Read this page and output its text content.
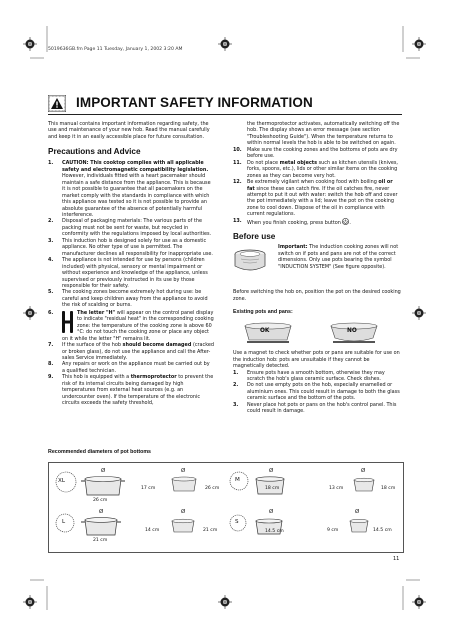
5019636GB.fm Page 11 Tuesday, January 1, 2002 3:20 AM
IMPORTANT SAFETY INFORMATION
This manual contains important information regarding safety, the use and maintenance of your new hob. Read the manual carefully and keep it in an easily accessible place for future consultation.
Precautions and Advice
1. CAUTION: This cooktop complies with all applicable safety and electromagnetic compatibility legislation.
However, individuals fitted with a heart pacemaker should maintain a safe distance from the appliance. This is because it is not possible to guarantee that all pacemakers on the market comply with the standards in compliance with which this appliance was tested so it is not possible to provide an absolute guarantee of the absence of potentially harmful interference.
2. Disposal of packaging materials: The various parts of the packing must not be sent for waste, but recycled in conformity with the regulations imposed by local authorities.
3. This induction hob is designed solely for use as a domestic appliance. No other type of use is permitted. The manufacturer declines all responsibility for inappropriate use.
4. The appliance is not intended for use by persons (children included) with physical, sensory or mental impairment or without experience and knowledge of the appliance, unless supervised or previously instructed in its use by those responsible for their safety.
5. The cooking zones become extremely hot during use: be careful and keep children away from the appliance to avoid the risk of scalding or burns.
6.	The letter "H" will appear on the control panel display to indicate "residual heat" in the corresponding cooking zone: the temperature of the cooking zone is above 60 °C: do not touch the cooking zone or place any object on it while the letter "H" remains lit.
7. If the surface of the hob should become damaged (cracked or broken glass), do not use the appliance and call the After-sales Service immediately.
8. Any repairs or work on the appliance must be carried out by a qualified technician.
9. This hob is equipped with a thermoprotector to prevent the risk of its internal circuits being damaged by high temperatures from external heat sources (e.g. an undercounter oven). If the temperature of the electronic circuits exceeds the safety threshold,
the thermoprotector activates, automatically switching off the hob. The display shows an error message (see section "Troubleshooting Guide"). When the temperature returns to within normal levels the hob is able to be switched on again.
10. Make sure the cooking zones and the bottoms of pots are dry before use.
11. Do not place metal objects such as kitchen utensils (knives, forks, spoons, etc.), lids or other similar items on the cooking zones as they can become very hot.
12. Be extremely vigilant when cooking food with boiling oil or fat since these can catch fire. If the oil catches fire, never attempt to put it out with water: switch the hob off and cover the pot immediately with a lid; leave the pot on the cooking zone to cool down. Dispose of the oil in compliance with current regulations.
13. When you finish cooking, press button .
Before use
Important: The induction cooking zones will not switch on if pots and pans are not of the correct dimensions. Only use pots bearing the symbol "INDUCTION SYSTEM" (See figure opposite).
Before switching the hob on, position the pot on the desired cooking zone.
Existing pots and pans:
OK	NO
Use a magnet to check whether pots or pans are suitable for use on the induction hob: pots are unsuitable if they cannot be magnetically detected.
1. Ensure pots have a smooth bottom, otherwise they may scratch the hob's glass ceramic surface. Check dishes.
2. Do not use empty pots on the hob, especially enamelled or aluminium ones. This could result in damage to both the glass ceramic surface and the bottom of the pots.
3. Never place hot pots or pans on the hob's control panel. This could result in damage.
Recommended diameters of pot bottoms
XL
Ø
26 cm
Ø
17 cm	26 cm
M
Ø
18 cm
Ø
13 cm	18 cm
L
Ø
21 cm
Ø
14 cm	21 cm
S
Ø
14.5 cm
Ø
9 cm	14.5 cm
11
